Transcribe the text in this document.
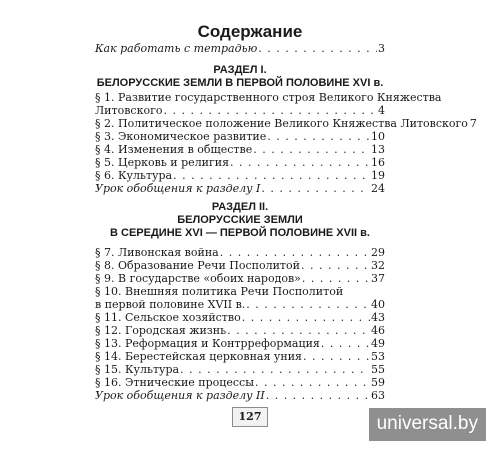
Содержание
Как работать с тетрадью . . .	3
РАЗДЕЛ I.
БЕЛОРУССКИЕ ЗЕМЛИ В ПЕРВОЙ ПОЛОВИНЕ XVI в.
§ 1. Развитие государственного строя Великого Княжества
Литовского . . .	4
§ 2. Политическое положение Великого Княжества Литовского 7
§ 3. Экономическое развитие . . .	10
§ 4. Изменения в обществе . . .	13
§ 5. Церковь и религия . . .	16
§ 6. Культура . . .	19
Урок обобщения к разделу I . . .	24
РАЗДЕЛ II.
БЕЛОРУССКИЕ ЗЕМЛИ
В СЕРЕДИНЕ XVI — ПЕРВОЙ ПОЛОВИНЕ XVII в.
§ 7. Ливонская война . . .	29
§ 8. Образование Речи Посполитой . . .	32
§ 9. В государстве «обоих народов» . . .	37
§ 10. Внешняя политика Речи Посполитой
в первой половине XVII в. . . .	40
§ 11. Сельское хозяйство . . .	43
§ 12. Городская жизнь . . .	46
§ 13. Реформация и Контрреформация . . .	49
§ 14. Берестейская церковная уния . . .	53
§ 15. Культура . . .	55
§ 16. Этнические процессы . . .	59
Урок обобщения к разделу II . . .	63
127	universal.by
